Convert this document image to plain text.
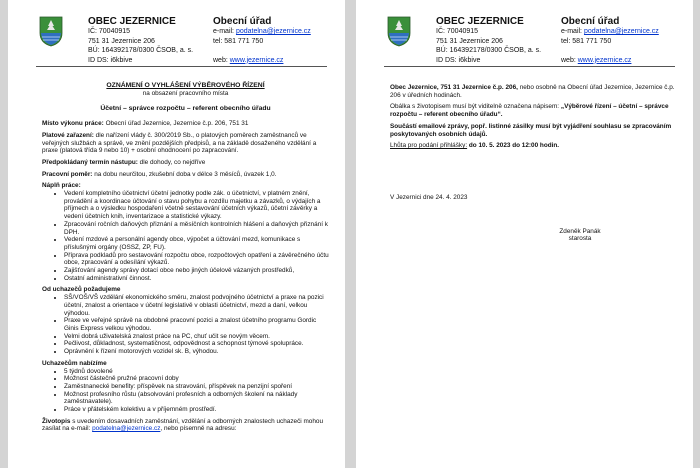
OBEC JEZERNICE
IČ: 70040915
751 31 Jezernice 206
BÚ: 164392178/0300 ČSOB, a. s.
ID DS: i6kbive
Obecní úřad
e-mail: podatelna@jezernice.cz
tel: 581 771 750

web: www.jezernice.cz
OZNÁMENÍ O VYHLÁŠENÍ VÝBĚROVÉHO ŘÍZENÍ
na obsazení pracovního místa
Účetní – správce rozpočtu – referent obecního úřadu

Místo výkonu práce: Obecní úřad Jezernice, Jezernice č.p. 206, 751 31

Platové zařazení: dle nařízení vlády č. 300/2019 Sb., o platových poměrech zaměstnanců ve veřejných službách a správě, ve znění pozdějších předpisů, a na základě dosaženého vzdělání a praxe (platová třída 9 nebo 10) + osobní ohodnocení po zapracování.

Předpokládaný termín nástupu: dle dohody, co nejdříve

Pracovní poměr: na dobu neurčitou, zkušební doba v délce 3 měsíců, úvazek 1,0.

Náplň práce:
• Vedení kompletního účetnictví účetní jednotky podle zák. o účetnictví, v platném znění, provádění a koordinace účtování o stavu pohybu a rozdílu majetku a závazků, o výdajích a příjmech a o výsledku hospodaření včetně sestavování účetních výkazů, účetní závěrky a vedení účetních knih, inventarizace a statistické výkazy.
• Zpracování ročních daňových přiznání a měsíčních kontrolních hlášení a daňových přiznání k DPH.
• Vedení mzdové a personální agendy obce, výpočet a účtování mezd, komunikace s příslušnými orgány (OSSZ, ZP, FU).
• Příprava podkladů pro sestavování rozpočtu obce, rozpočtových opatření a závěrečného účtu obce, zpracování a odesílání výkazů.
• Zajišťování agendy správy dotací obce nebo jiných účelově vázaných prostředků,
• Ostatní administrativní činnost.
Od uchazečů požadujeme
• SŠ/VOŠ/VŠ vzdělání ekonomického směru, znalost podvojného účetnictví a praxe na pozici účetní, znalost a orientace v účetní legislativě v oblasti účetnictví, mezd a daní, velkou výhodou.
• Praxe ve veřejné správě na obdobné pracovní pozici a znalost účetního programu Gordic Ginis Express velkou výhodou.
• Velmi dobrá uživatelská znalost práce na PC, chuť učit se novým věcem.
• Pečlivost, důkladnost, systematičnost, odpovědnost a schopnost týmové spolupráce.
• Oprávnění k řízení motorových vozidel sk. B, výhodou.
Uchazečům nabízíme
• 5 týdnů dovolené
• Možnost částečně pružné pracovní doby
• Zaměstnanecké benefity: příspěvek na stravování, příspěvek na penzijní spoření
• Možnost profesního růstu (absolvování profesních a odborných školení na náklady zaměstnavatele).
• Práce v přátelském kolektivu a v příjemném prostředí.

Životopis s uvedením dosavadních zaměstnání, vzdělání a odborných znalostech uchazeči mohou zasílat na e-mail: podatelna@jezernice.cz, nebo písemně na adresu:

OBEC JEZERNICE
IČ: 70040915
751 31 Jezernice 206
BÚ: 164392178/0300 ČSOB, a. s.
ID DS: i6kbive
Obecní úřad
e-mail: podatelna@jezernice.cz
tel: 581 771 750

web: www.jezernice.cz

Obec Jezernice, 751 31 Jezernice č.p. 206, nebo osobně na Obecní úřad Jezernice, Jezernice č.p. 206 v úředních hodinách.

Obálka s životopisem musí být viditelně označena nápisem: „Výběrové řízení – účetní – správce rozpočtu – referent obecního úřadu“.

Součástí emailové zprávy, popř. listinné zásilky musí být vyjádření souhlasu se zpracováním poskytovaných osobních údajů.

Lhůta pro podání přihlášky: do 10. 5. 2023 do 12:00 hodin.

V Jezernici dne 24. 4. 2023

Zdeněk Panák
starosta
